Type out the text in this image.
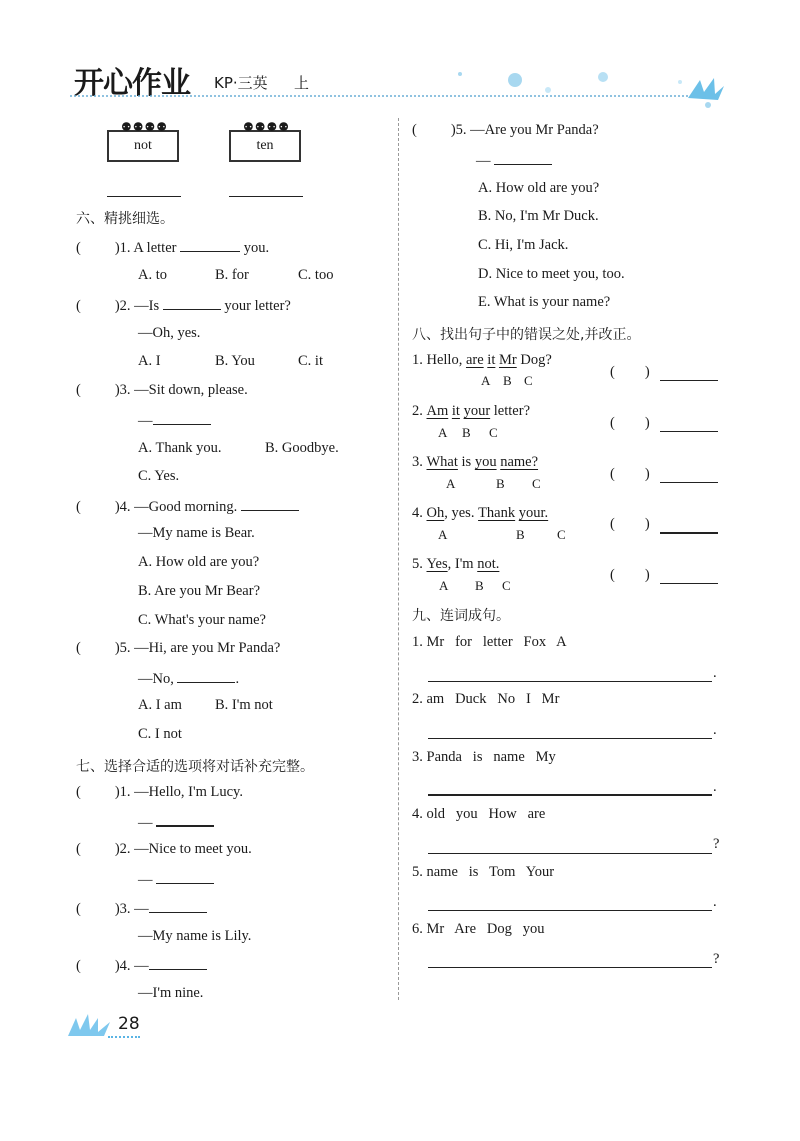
开心作业 KP·三英 上
not
⚉⚉⚉⚉
ten
⚉⚉⚉⚉
六、精挑细选。
( )1. A letter	you.
A. to	B. for	C. too
( )2. —Is	your letter?
—Oh, yes.
A. I	B. You	C. it
( )3. —Sit down, please.
—
A. Thank you.	B. Goodbye.
C. Yes.
( )4. —Good morning.
—My name is Bear.
A. How old are you?
B. Are you Mr Bear?
C. What's your name?
( )5. —Hi, are you Mr Panda?
—No,	.
A. I am B. I'm not
C. I not
七、选择合适的选项将对话补充完整。
( )1. —Hello, I'm Lucy.
—
( )2. —Nice to meet you.
—
( )3. —
—My name is Lily.
( )4. —
—I'm nine.
( )5. —Are you Mr Panda?
—
A. How old are you?
B. No, I'm Mr Duck.
C. Hi, I'm Jack.
D. Nice to meet you, too.
E. What is your name?
八、找出句子中的错误之处,并改正。
1. Hello, are it Mr Dog?
A B C
( )
2. Am it your letter?
A B C
( )
3. What is you name?
A	B C
( )
4. Oh, yes. Thank your.
A	B C
( )
5. Yes, I'm not.
A B C
( )
九、连词成句。
1. Mr   for   letter   Fox   A
.
2. am   Duck   No   I   Mr
.
3. Panda   is   name   My
.
4. old   you   How   are
?
5. name   is   Tom   Your
.
6. Mr   Are   Dog   you
?
28
